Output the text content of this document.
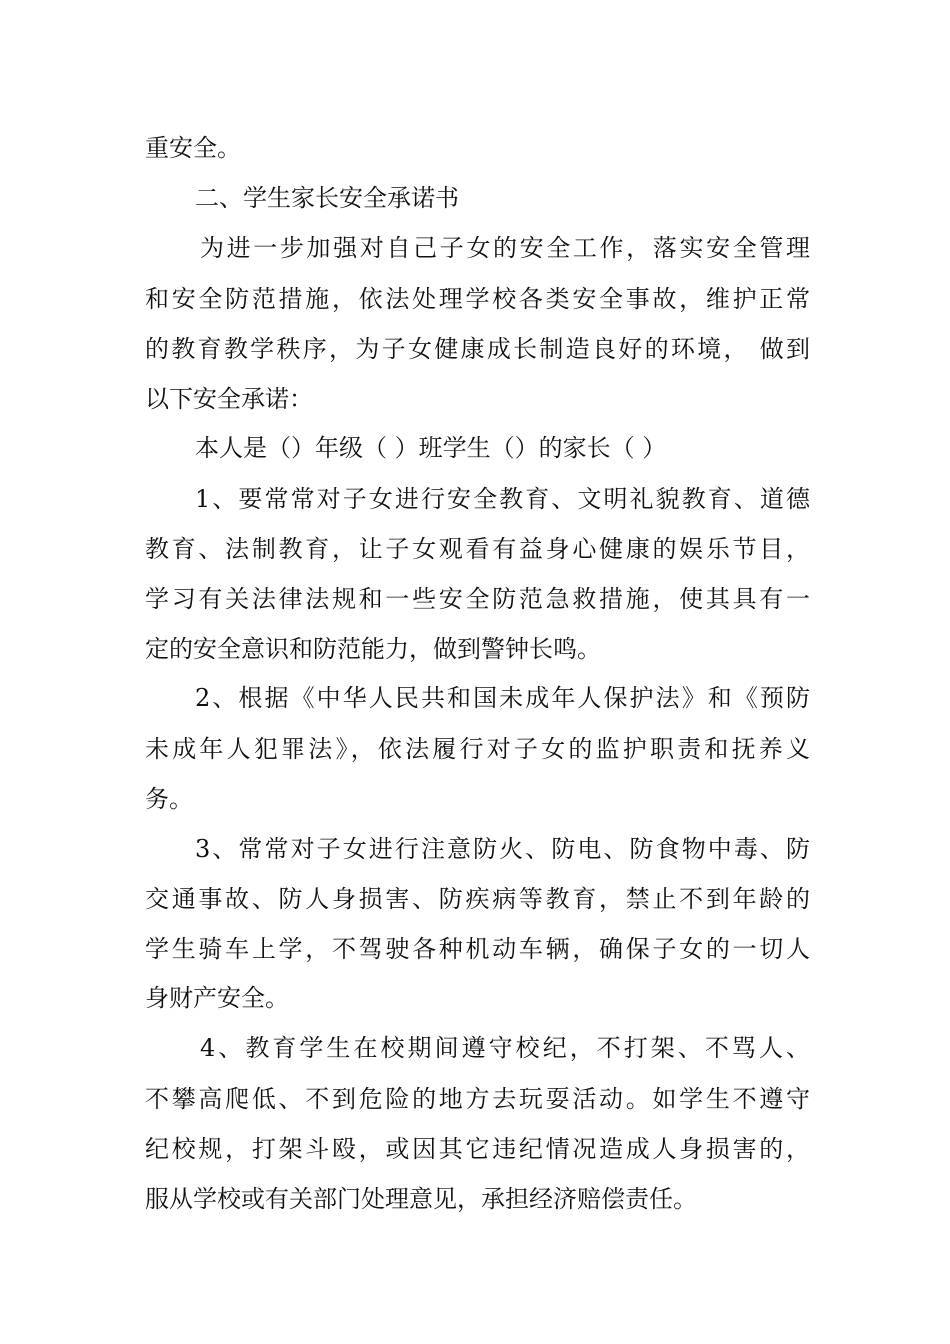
重安全。
二、学生家长安全承诺书
为进一步加强对自己子女的安全工作，落实安全管理
和安全防范措施，依法处理学校各类安全事故，维护正常
的教育教学秩序，为子女健康成长制造良好的环境， 做到
以下安全承诺：
本人是（）年级（ ）班学生（）的家长（ ）
1、要常常对子女进行安全教育、文明礼貌教育、道德
教育、法制教育，让子女观看有益身心健康的娱乐节目，
学习有关法律法规和一些安全防范急救措施，使其具有一
定的安全意识和防范能力，做到警钟长鸣。
2、根据《中华人民共和国未成年人保护法》和《预防
未成年人犯罪法》，依法履行对子女的监护职责和抚养义
务。
3、常常对子女进行注意防火、防电、防食物中毒、防
交通事故、防人身损害、防疾病等教育，禁止不到年龄的
学生骑车上学，不驾驶各种机动车辆，确保子女的一切人
身财产安全。
4、教育学生在校期间遵守校纪，不打架、不骂人、
不攀高爬低、不到危险的地方去玩耍活动。如学生不遵守
纪校规，打架斗殴，或因其它违纪情况造成人身损害的，
服从学校或有关部门处理意见，承担经济赔偿责任。
